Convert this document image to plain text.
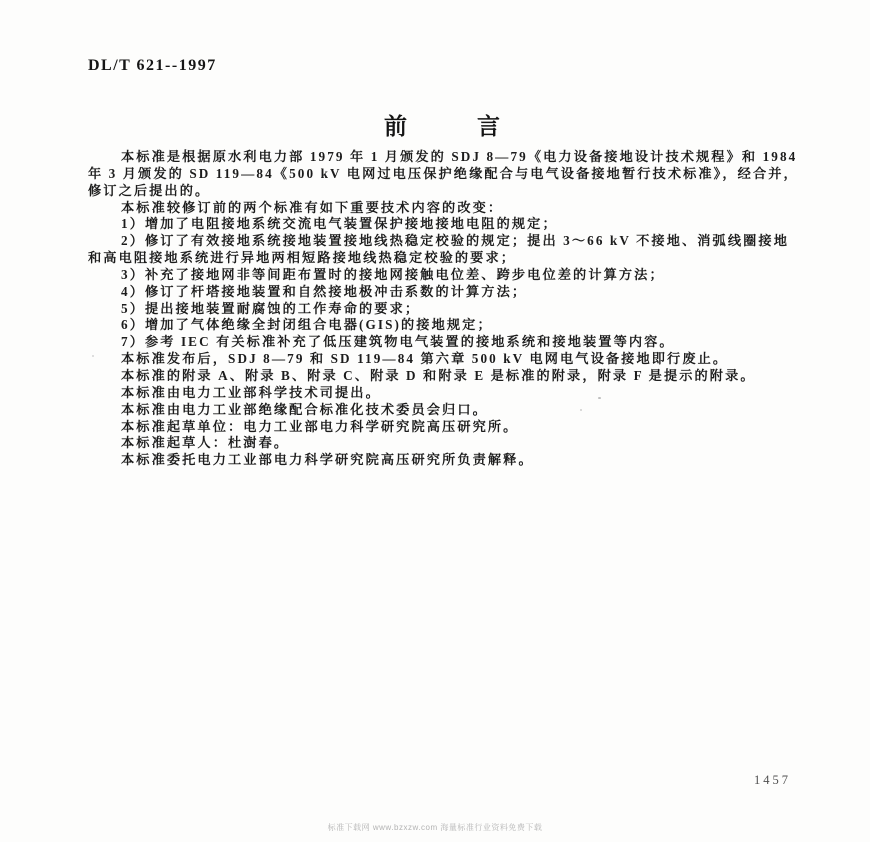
DL/T 621--1997
前言
本标准是根据原水利电力部 1979 年 1 月颁发的 SDJ 8—79《电力设备接地设计技术规程》和 1984
年 3 月颁发的 SD 119—84《500 kV 电网过电压保护绝缘配合与电气设备接地暂行技术标准》，经合并，
修订之后提出的。
本标准较修订前的两个标准有如下重要技术内容的改变：
1）增加了电阻接地系统交流电气装置保护接地接地电阻的规定；
2）修订了有效接地系统接地装置接地线热稳定校验的规定；提出 3～66 kV 不接地、消弧线圈接地
和高电阻接地系统进行异地两相短路接地线热稳定校验的要求；
3）补充了接地网非等间距布置时的接地网接触电位差、跨步电位差的计算方法；
4）修订了杆塔接地装置和自然接地极冲击系数的计算方法；
5）提出接地装置耐腐蚀的工作寿命的要求；
6）增加了气体绝缘全封闭组合电器(GIS)的接地规定；
7）参考 IEC 有关标准补充了低压建筑物电气装置的接地系统和接地装置等内容。
本标准发布后，SDJ 8—79 和 SD 119—84 第六章 500 kV 电网电气设备接地即行废止。
本标准的附录 A、附录 B、附录 C、附录 D 和附录 E 是标准的附录，附录 F 是提示的附录。
本标准由电力工业部科学技术司提出。
本标准由电力工业部绝缘配合标准化技术委员会归口。
本标准起草单位：电力工业部电力科学研究院高压研究所。
本标准起草人：杜澍春。
本标准委托电力工业部电力科学研究院高压研究所负责解释。
1457
标准下载网 www.bzxzw.com 海量标准行业资料免费下载
